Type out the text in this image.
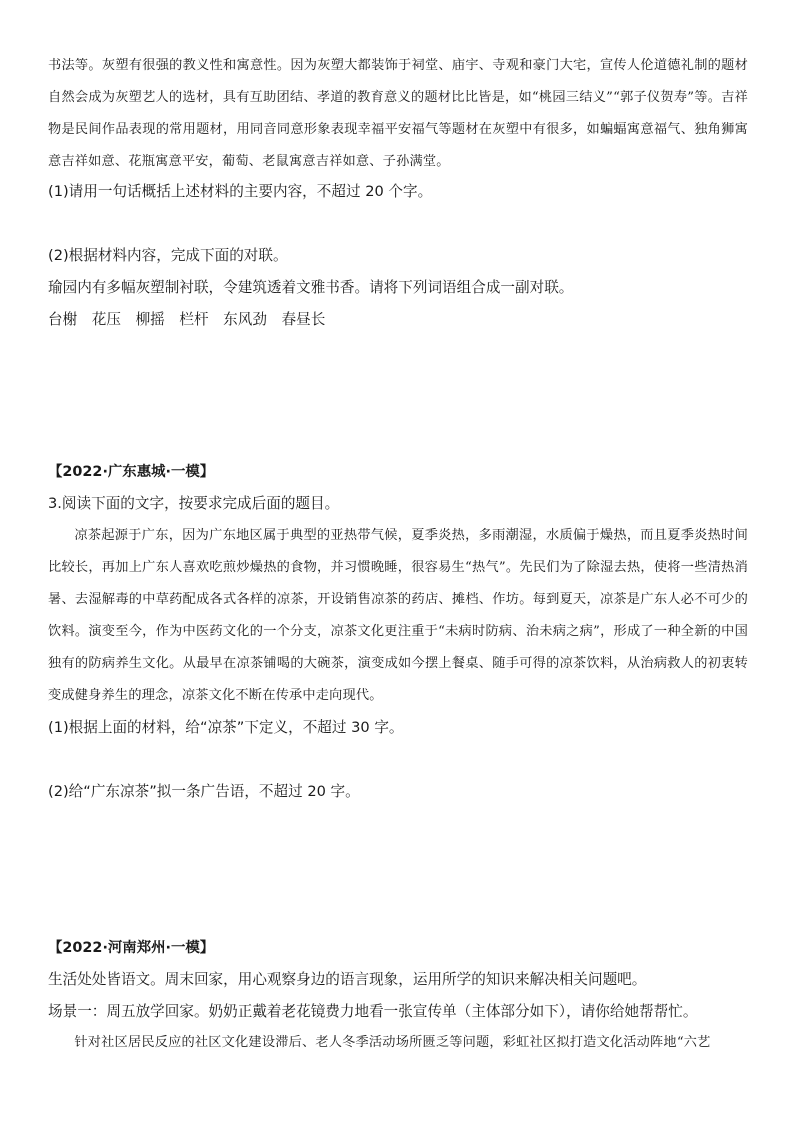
书法等。灰塑有很强的教义性和寓意性。因为灰塑大都装饰于祠堂、庙宇、寺观和豪门大宅，宣传人伦道德礼制的题材自然会成为灰塑艺人的选材，具有互助团结、孝道的教育意义的题材比比皆是，如“桃园三结义”“郭子仪贺寿”等。吉祥物是民间作品表现的常用题材，用同音同意形象表现幸福平安福气等题材在灰塑中有很多，如蝙蝠寓意福气、独角狮寓意吉祥如意、花瓶寓意平安，葡萄、老鼠寓意吉祥如意、子孙满堂。

(1)请用一句话概括上述材料的主要内容，不超过 20 个字。

(2)根据材料内容，完成下面的对联。

瑜园内有多幅灰塑制衬联，令建筑透着文雅书香。请将下列词语组合成一副对联。

台榭　花压　柳摇　栏杆　东风劲　春昼长

【2022·广东惠城·一模】

3.阅读下面的文字，按要求完成后面的题目。

凉茶起源于广东，因为广东地区属于典型的亚热带气候，夏季炎热，多雨潮湿，水质偏于燥热，而且夏季炎热时间比较长，再加上广东人喜欢吃煎炒燥热的食物，并习惯晚睡，很容易生“热气”。先民们为了除湿去热，使将一些清热消暑、去湿解毒的中草药配成各式各样的凉茶，开设销售凉茶的药店、摊档、作坊。每到夏天，凉茶是广东人必不可少的饮料。演变至今，作为中医药文化的一个分支，凉茶文化更注重于“未病时防病、治未病之病”，形成了一种全新的中国独有的防病养生文化。从最早在凉茶铺喝的大碗茶，演变成如今摆上餐桌、随手可得的凉茶饮料，从治病救人的初衷转变成健身养生的理念，凉茶文化不断在传承中走向现代。

(1)根据上面的材料，给“凉茶”下定义，不超过 30 字。

(2)给“广东凉茶”拟一条广告语，不超过 20 字。

【2022·河南郑州·一模】

生活处处皆语文。周末回家，用心观察身边的语言现象，运用所学的知识来解决相关问题吧。

场景一：周五放学回家。奶奶正戴着老花镜费力地看一张宣传单（主体部分如下），请你给她帮帮忙。

针对社区居民反应的社区文化建设滞后、老人冬季活动场所匮乏等问题，彩虹社区拟打造文化活动阵地“六艺
